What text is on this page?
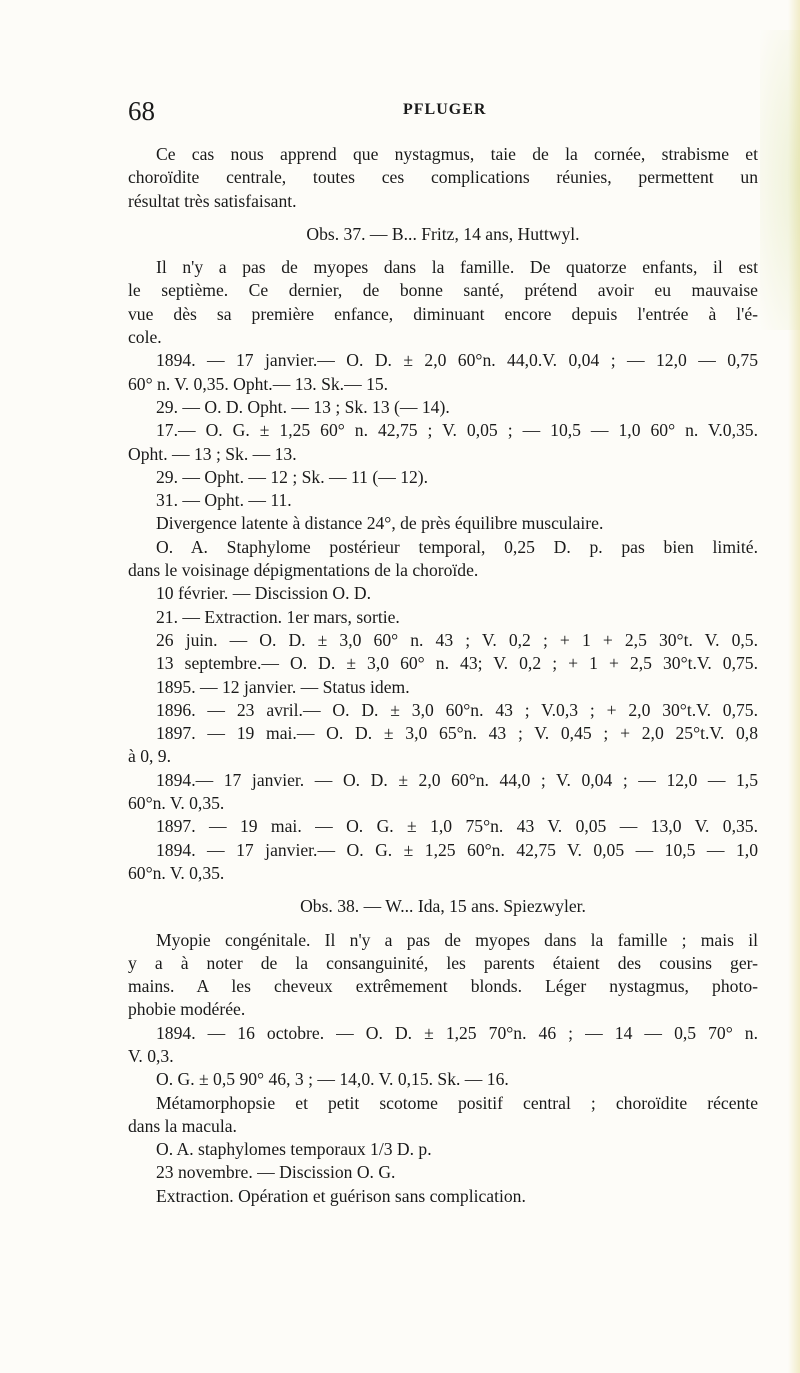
68	PFLUGER
Ce cas nous apprend que nystagmus, taie de la cornée, strabisme et
choroïdite centrale, toutes ces complications réunies, permettent un
résultat très satisfaisant.
Obs. 37. — B... Fritz, 14 ans, Huttwyl.
Il n'y a pas de myopes dans la famille. De quatorze enfants, il est
le septième. Ce dernier, de bonne santé, prétend avoir eu mauvaise
vue dès sa première enfance, diminuant encore depuis l'entrée à l'é-
cole.
1894. — 17 janvier.— O. D. ± 2,0 60°n. 44,0.V. 0,04 ; — 12,0 — 0,75
60° n. V. 0,35. Opht.— 13. Sk.— 15.
29. — O. D. Opht. — 13 ; Sk. 13 (— 14).
17.— O. G. ± 1,25 60° n. 42,75 ; V. 0,05 ; — 10,5 — 1,0 60° n. V.0,35.
Opht. — 13 ; Sk. — 13.
29. — Opht. — 12 ; Sk. — 11 (— 12).
31. — Opht. — 11.
Divergence latente à distance 24°, de près équilibre musculaire.
O. A. Staphylome postérieur temporal, 0,25 D. p. pas bien limité.
dans le voisinage dépigmentations de la choroïde.
10 février. — Discission O. D.
21. — Extraction. 1er mars, sortie.
26 juin. — O. D. ± 3,0 60° n. 43 ; V. 0,2 ; + 1 + 2,5 30°t. V. 0,5.
13 septembre.— O. D. ± 3,0 60° n. 43; V. 0,2 ; + 1 + 2,5 30°t.V. 0,75.
1895. — 12 janvier. — Status idem.
1896. — 23 avril.— O. D. ± 3,0 60°n. 43 ; V.0,3 ; + 2,0 30°t.V. 0,75.
1897. — 19 mai.— O. D. ± 3,0 65°n. 43 ; V. 0,45 ; + 2,0 25°t.V. 0,8
à 0, 9.
1894.— 17 janvier. — O. D. ± 2,0 60°n. 44,0 ; V. 0,04 ; — 12,0 — 1,5
60°n. V. 0,35.
1897. — 19 mai. — O. G. ± 1,0 75°n. 43 V. 0,05 — 13,0 V. 0,35.
1894. — 17 janvier.— O. G. ± 1,25 60°n. 42,75 V. 0,05 — 10,5 — 1,0
60°n. V. 0,35.
Obs. 38. — W... Ida, 15 ans. Spiezwyler.
Myopie congénitale. Il n'y a pas de myopes dans la famille ; mais il
y a à noter de la consanguinité, les parents étaient des cousins ger-
mains. A les cheveux extrêmement blonds. Léger nystagmus, photo-
phobie modérée.
1894. — 16 octobre. — O. D. ± 1,25 70°n. 46 ; — 14 — 0,5 70° n.
V. 0,3.
O. G. ± 0,5 90° 46, 3 ; — 14,0. V. 0,15. Sk. — 16.
Métamorphopsie et petit scotome positif central ; choroïdite récente
dans la macula.
O. A. staphylomes temporaux 1/3 D. p.
23 novembre. — Discission O. G.
Extraction. Opération et guérison sans complication.
